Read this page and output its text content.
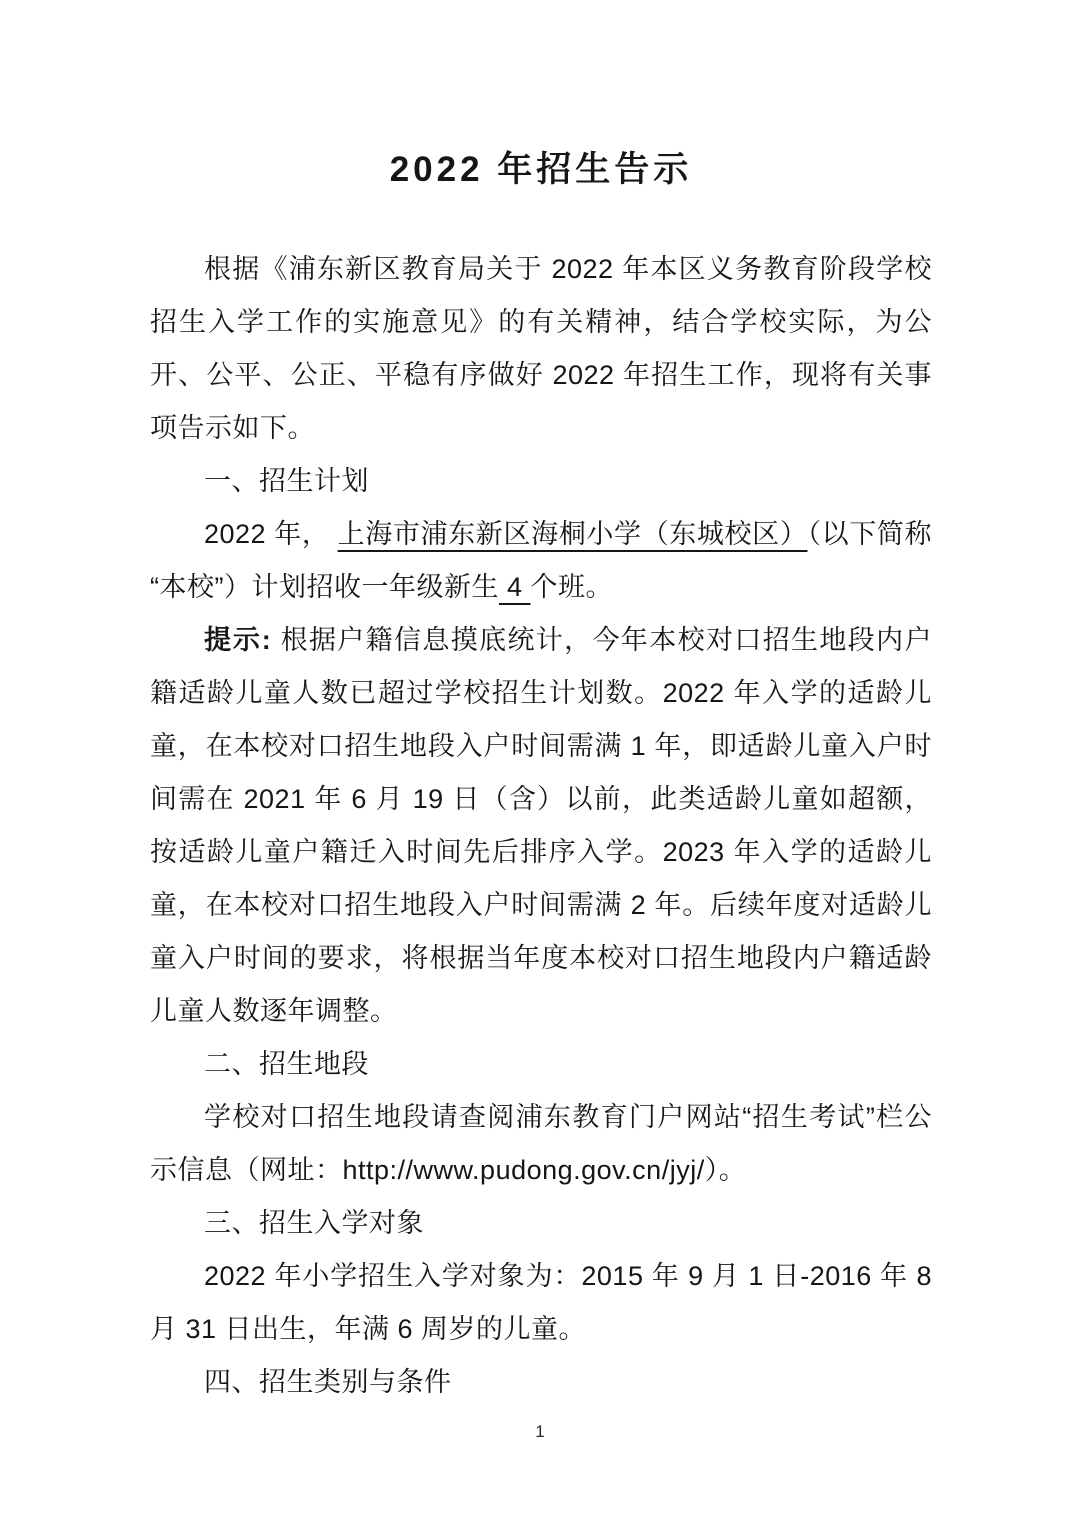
2022 年招生告示

根据《浦东新区教育局关于 2022 年本区义务教育阶段学校招生入学工作的实施意见》的有关精神，结合学校实际，为公开、公平、公正、平稳有序做好 2022 年招生工作，现将有关事项告示如下。

一、招生计划

2022 年， 上海市浦东新区海桐小学（东城校区）（以下简称“本校”）计划招收一年级新生 4 个班。

提示: 根据户籍信息摸底统计，今年本校对口招生地段内户籍适龄儿童人数已超过学校招生计划数。2022 年入学的适龄儿童，在本校对口招生地段入户时间需满 1 年，即适龄儿童入户时间需在 2021 年 6 月 19 日（含）以前，此类适龄儿童如超额，按适龄儿童户籍迁入时间先后排序入学。2023 年入学的适龄儿童，在本校对口招生地段入户时间需满 2 年。后续年度对适龄儿童入户时间的要求，将根据当年度本校对口招生地段内户籍适龄儿童人数逐年调整。

二、招生地段

学校对口招生地段请查阅浦东教育门户网站“招生考试”栏公示信息（网址：http://www.pudong.gov.cn/jyj/）。

三、招生入学对象

2022 年小学招生入学对象为：2015 年 9 月 1 日-2016 年 8 月 31 日出生，年满 6 周岁的儿童。

四、招生类别与条件

1
